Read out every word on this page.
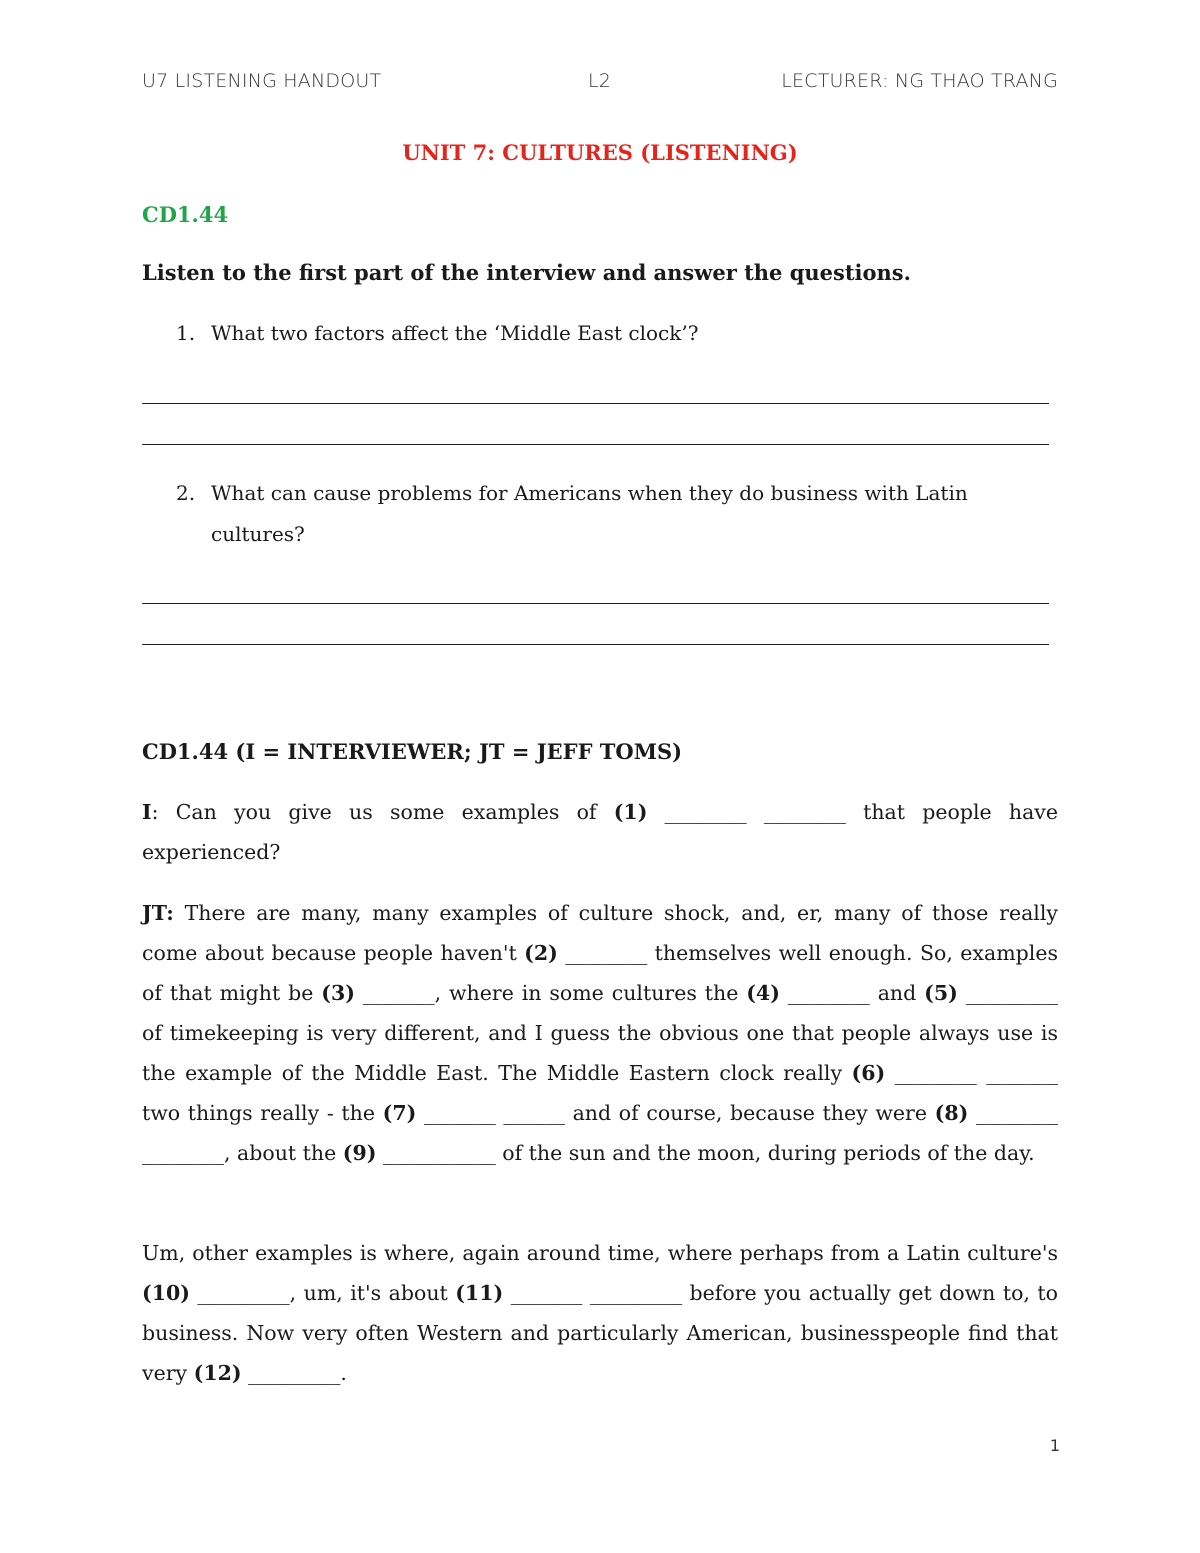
U7 LISTENING HANDOUT	L2	LECTURER: NG THAO TRANG
UNIT 7: CULTURES (LISTENING)
CD1.44
Listen to the first part of the interview and answer the questions.
1. What two factors affect the ‘Middle East clock’?
2. What can cause problems for Americans when they do business with Latin cultures?
CD1.44 (I = INTERVIEWER; JT = JEFF TOMS)

I: Can you give us some examples of (1) ________ ________ that people have experienced?

JT: There are many, many examples of culture shock, and, er, many of those really come about because people haven't (2) ________ themselves well enough. So, examples of that might be (3) _______, where in some cultures the (4) ________ and (5) _________ of timekeeping is very different, and I guess the obvious one that people always use is the example of the Middle East. The Middle Eastern clock really (6) ________ _______ two things really - the (7) _______ ______ and of course, because they were (8) ________ ________, about the (9) ___________ of the sun and the moon, during periods of the day.

Um, other examples is where, again around time, where perhaps from a Latin culture's (10) _________, um, it's about (11) _______ _________ before you actually get down to, to business. Now very often Western and particularly American, businesspeople find that very (12) _________.

1
